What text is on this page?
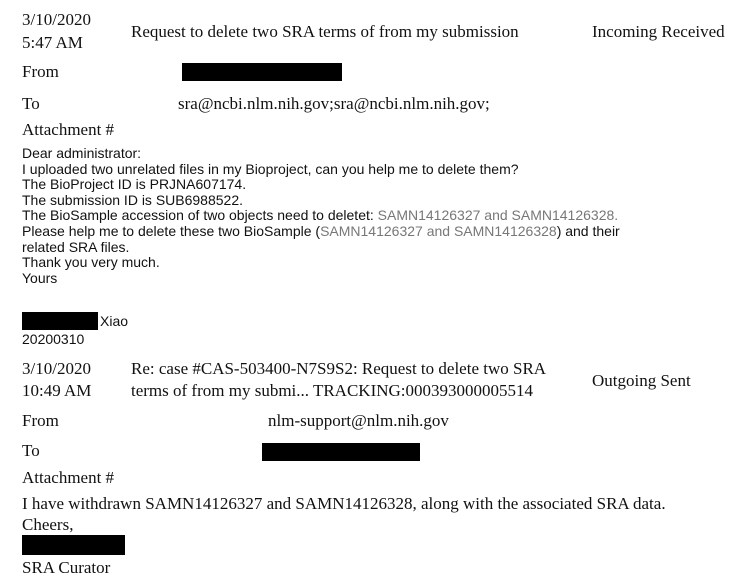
3/10/2020
5:47 AM
Request to delete two SRA terms of from my submission	Incoming Received
From
To	sra@ncbi.nlm.nih.gov;sra@ncbi.nlm.nih.gov;
Attachment #
Dear administrator:
I uploaded two unrelated files in my Bioproject, can you help me to delete them?
The BioProject ID is PRJNA607174.
The submission ID is SUB6988522.
The BioSample accession of two objects need to deletet: SAMN14126327 and SAMN14126328.
Please help me to delete these two BioSample (SAMN14126327 and SAMN14126328) and their
related SRA files.
Thank you very much.
Yours
Xiao
20200310
3/10/2020
10:49 AM
Re: case #CAS-503400-N7S9S2: Request to delete two SRA
terms of from my submi... TRACKING:000393000005514
Outgoing Sent
From	nlm-support@nlm.nih.gov
To
Attachment #
I have withdrawn SAMN14126327 and SAMN14126328, along with the associated SRA data.
Cheers,
SRA Curator
